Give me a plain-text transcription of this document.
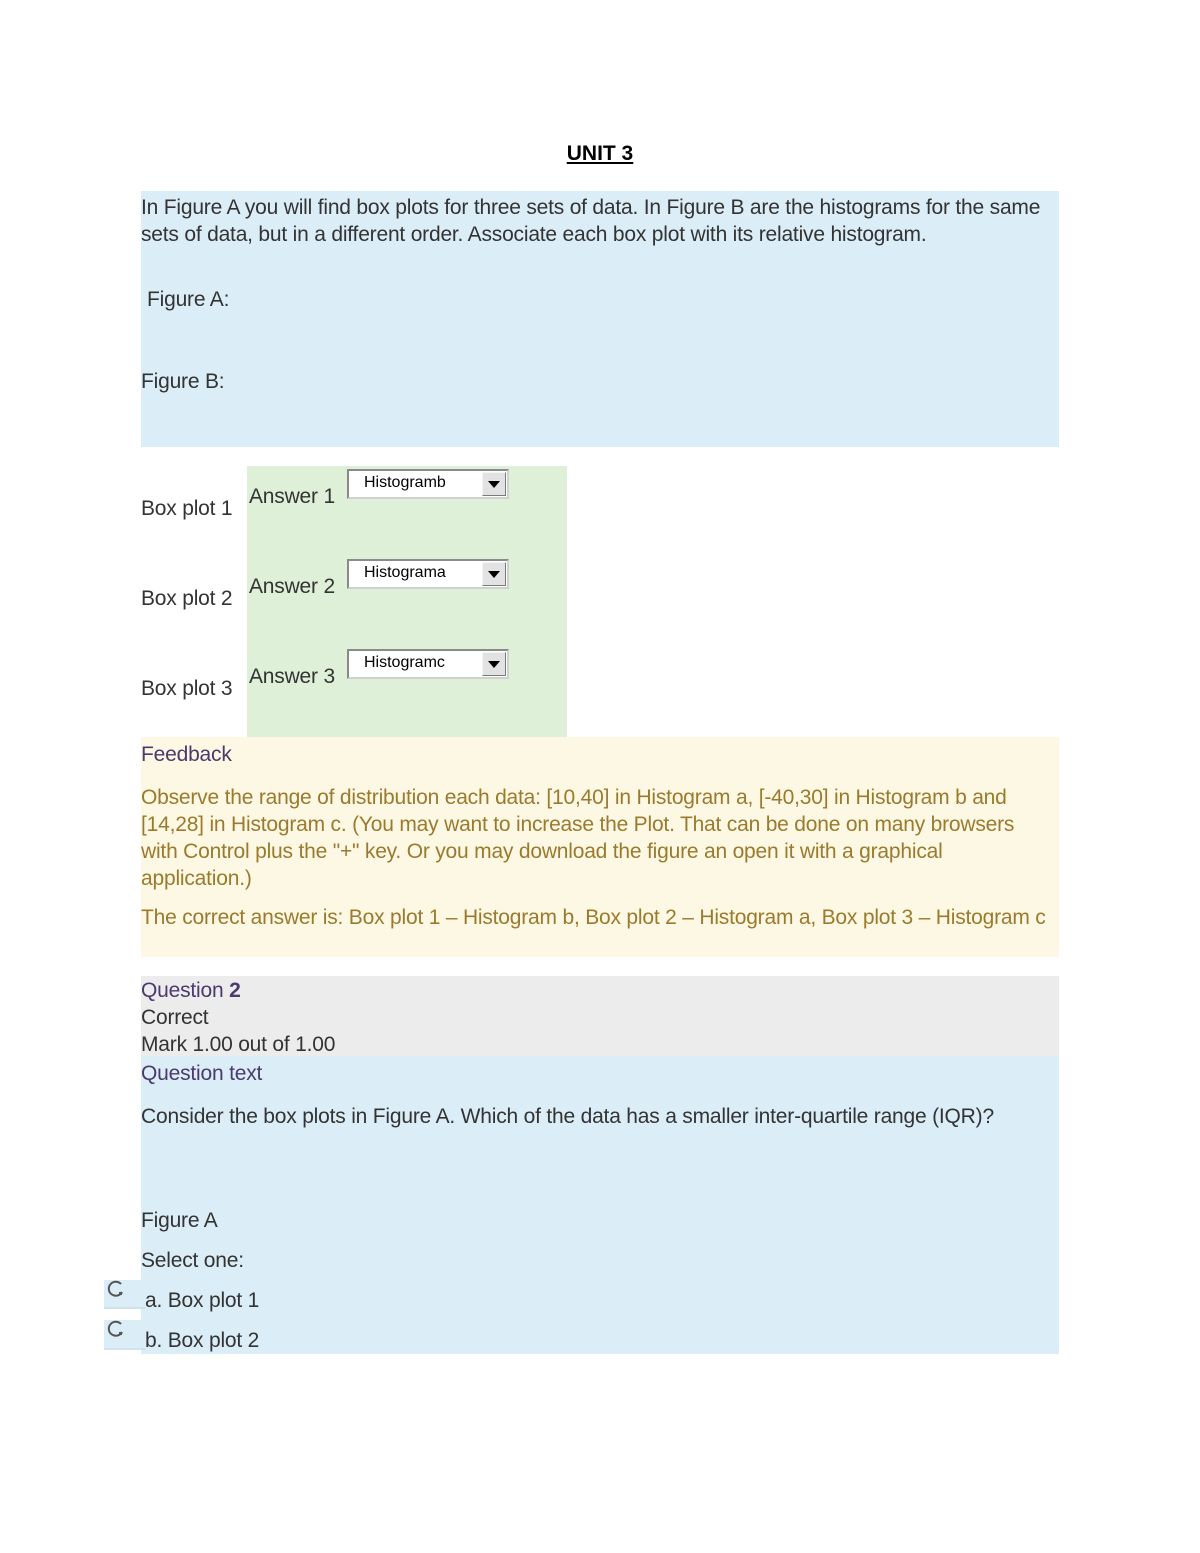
UNIT 3
In Figure A you will find box plots for three sets of data. In Figure B are the histograms for the same sets of data, but in a different order. Associate each box plot with its relative histogram.
Figure A:
Figure B:
Box plot 1
Answer 1
Histogramb
Box plot 2
Answer 2
Histograma
Box plot 3
Answer 3
Histogramc
Feedback
Observe the range of distribution each data: [10,40] in Histogram a, [-40,30] in Histogram b and [14,28] in Histogram c. (You may want to increase the Plot. That can be done on many browsers with Control plus the "+" key. Or you may download the figure an open it with a graphical application.)
The correct answer is: Box plot 1 – Histogram b, Box plot 2 – Histogram a, Box plot 3 – Histogram c
Question 2
Correct
Mark 1.00 out of 1.00
Question text
Consider the box plots in Figure A. Which of the data has a smaller inter-quartile range (IQR)?
Figure A
Select one:
a. Box plot 1
b. Box plot 2
